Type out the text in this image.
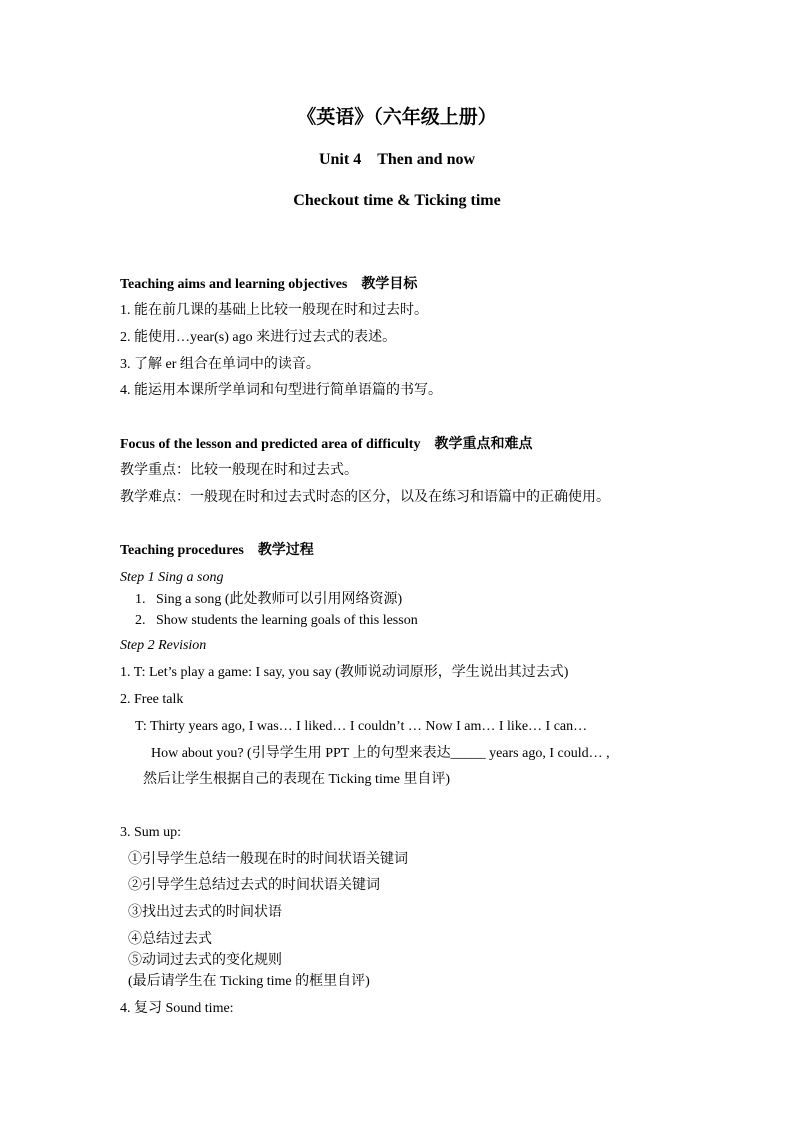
《英语》（六年级上册）
Unit 4    Then and now
Checkout time & Ticking time
Teaching aims and learning objectives    教学目标
1. 能在前几课的基础上比较一般现在时和过去时。
2. 能使用…year(s) ago 来进行过去式的表述。
3. 了解 er 组合在单词中的读音。
4. 能运用本课所学单词和句型进行简单语篇的书写。
Focus of the lesson and predicted area of difficulty    教学重点和难点
教学重点：比较一般现在时和过去式。
教学难点：一般现在时和过去式时态的区分，以及在练习和语篇中的正确使用。
Teaching procedures    教学过程
Step 1 Sing a song
1.   Sing a song (此处教师可以引用网络资源)
2.   Show students the learning goals of this lesson
Step 2 Revision
1. T: Let’s play a game: I say, you say (教师说动词原形，学生说出其过去式)
2. Free talk
T: Thirty years ago, I was… I liked… I couldn’t … Now I am… I like… I can…
How about you? (引导学生用 PPT 上的句型来表达_____ years ago, I could… ,
然后让学生根据自己的表现在 Ticking time 里自评)
3. Sum up:
①引导学生总结一般现在时的时间状语关键词
②引导学生总结过去式的时间状语关键词
③找出过去式的时间状语
④总结过去式
⑤动词过去式的变化规则
(最后请学生在 Ticking time 的框里自评)
4. 复习 Sound time:
